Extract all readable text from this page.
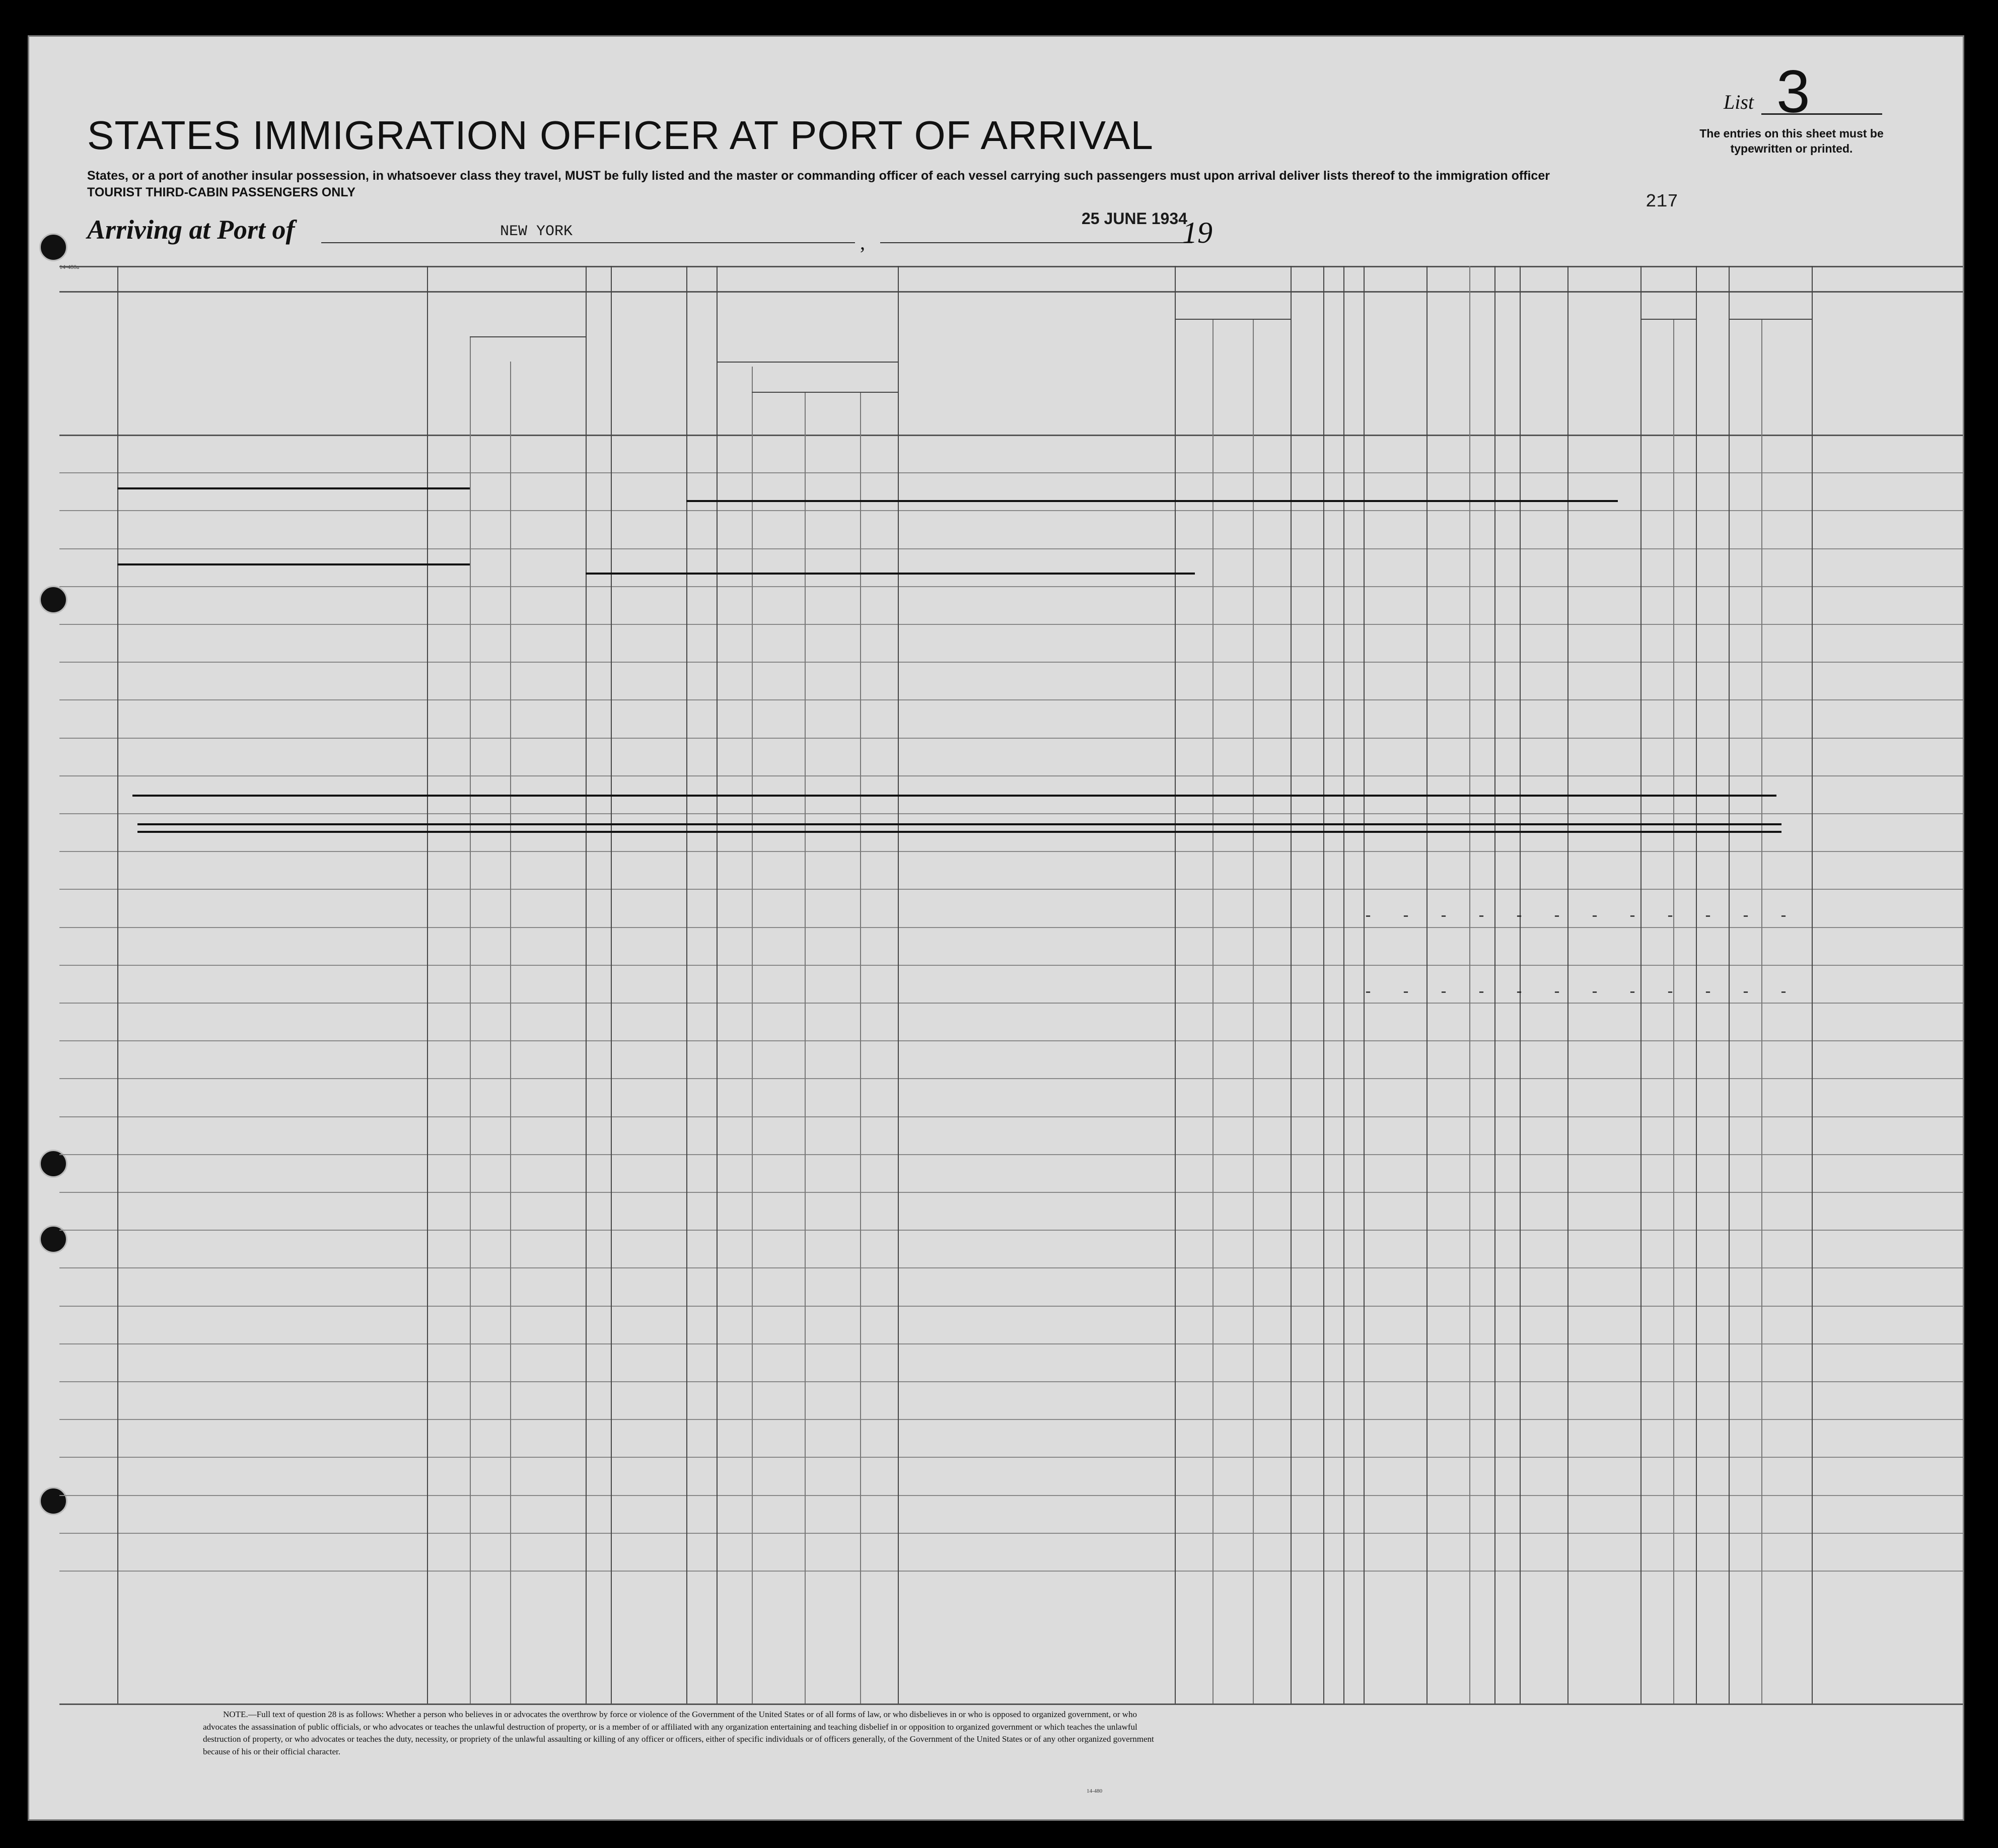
STATES IMMIGRATION OFFICER AT PORT OF ARRIVAL
States, or a port of another insular possession, in whatsoever class they travel, MUST be fully listed and the master or commanding officer of each vessel carrying such passengers must upon arrival deliver lists thereof to the immigration officer
TOURIST THIRD-CABIN PASSENGERS ONLY
List 3
The entries on this sheet must be typewritten or printed.
217
Arriving at Port of	NEW YORK	,
25 JUNE 1934
19
14-480a
- - - - - - - - - - - -
- - - - - - - - - - - -
NOTE.—Full text of question 28 is as follows: Whether a person who believes in or advocates the overthrow by force or violence of the Government of the United States or of all forms of law, or who disbelieves in or who is opposed to organized government, or who advocates the assassination of public officials, or who advocates or teaches the unlawful destruction of property, or is a member of or affiliated with any organization entertaining and teaching disbelief in or opposition to organized government or which teaches the unlawful destruction of property, or who advocates or teaches the duty, necessity, or propriety of the unlawful assaulting or killing of any officer or officers, either of specific individuals or of officers generally, of the Government of the United States or of any other organized government because of his or their official character.
14-480
